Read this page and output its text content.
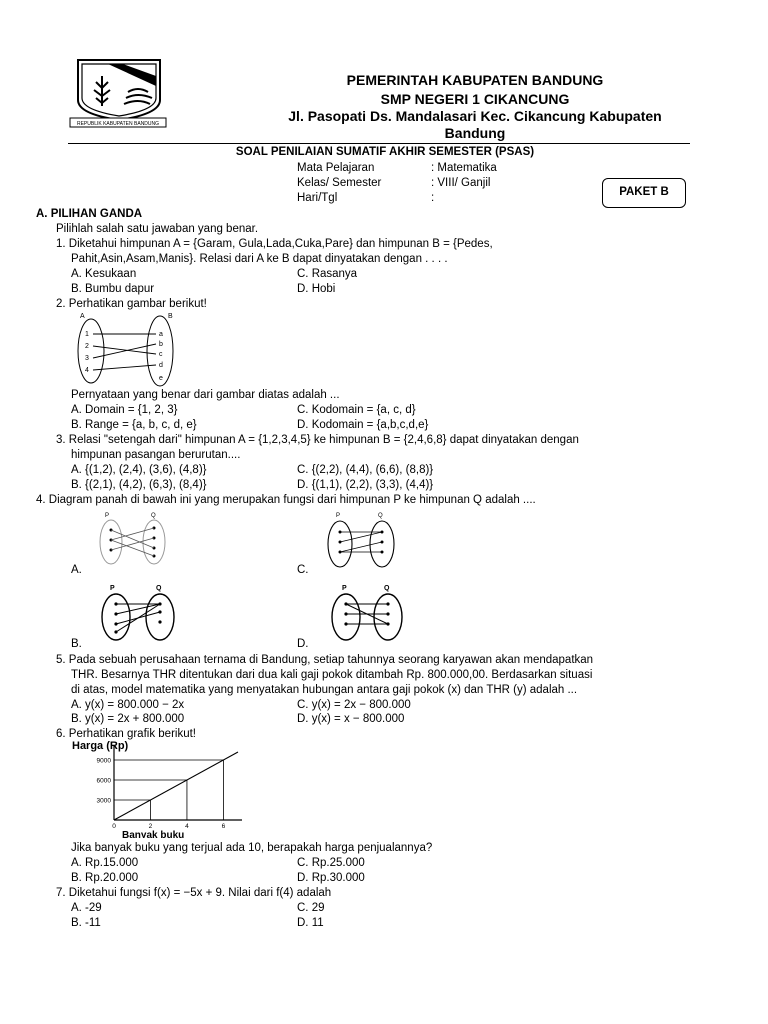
REPUBLIK KABUPATEN BANDUNG
PEMERINTAH KABUPATEN BANDUNG
SMP NEGERI 1 CIKANCUNG
Jl. Pasopati Ds. Mandalasari Kec. Cikancung Kabupaten
Bandung
SOAL PENILAIAN SUMATIF AKHIR SEMESTER (PSAS)
Mata Pelajaran	: Matematika
Kelas/ Semester	: VIII/ Ganjil
Hari/Tgl	:	PAKET B
A. PILIHAN GANDA
Pilihlah salah satu jawaban yang benar.
1. Diketahui himpunan A = {Garam, Gula,Lada,Cuka,Pare} dan himpunan B = {Pedes,
Pahit,Asin,Asam,Manis}. Relasi dari A ke B dapat dinyatakan dengan . . . .
A. Kesukaan	C. Rasanya
B. Bumbu dapur	D. Hobi
2. Perhatikan gambar berikut!
A	B
1
2
3
4
a
b
c
d
e
Pernyataan yang benar dari gambar diatas adalah ...
A. Domain = {1, 2, 3}	C. Kodomain = {a, c, d}
B. Range = {a, b, c, d, e}	D. Kodomain = {a,b,c,d,e}
3. Relasi "setengah dari" himpunan A = {1,2,3,4,5} ke himpunan B = {2,4,6,8} dapat dinyatakan dengan
himpunan pasangan berurutan....
A. {(1,2), (2,4), (3,6), (4,8)}	C. {(2,2), (4,4), (6,6), (8,8)}
B. {(2,1), (4,2), (6,3), (8,4)}	D. {(1,1), (2,2), (3,3), (4,4)}
4. Diagram panah di bawah ini yang merupakan fungsi dari himpunan P ke himpunan Q adalah ....
P	Q
A.
P	Q
C.
P	Q
B.
P	Q
D.
5. Pada sebuah perusahaan ternama di Bandung, setiap tahunnya seorang karyawan akan mendapatkan
THR. Besarnya THR ditentukan dari dua kali gaji pokok ditambah Rp. 800.000,00. Berdasarkan situasi
di atas, model matematika yang menyatakan hubungan antara gaji pokok (x) dan THR (y) adalah ...
A. y(x) = 800.000 − 2x	C. y(x) = 2x − 800.000
B. y(x) = 2x + 800.000	D. y(x) = x − 800.000
6. Perhatikan grafik berikut!
Harga (Rp)
3000
6000
9000
0	2	4	6
Banyak buku
Jika banyak buku yang terjual ada 10, berapakah harga penjualannya?
A. Rp.15.000	C. Rp.25.000
B. Rp.20.000	D. Rp.30.000
7. Diketahui fungsi f(x) = −5x + 9. Nilai dari f(4) adalah
A. -29	C. 29
B. -11	D. 11
